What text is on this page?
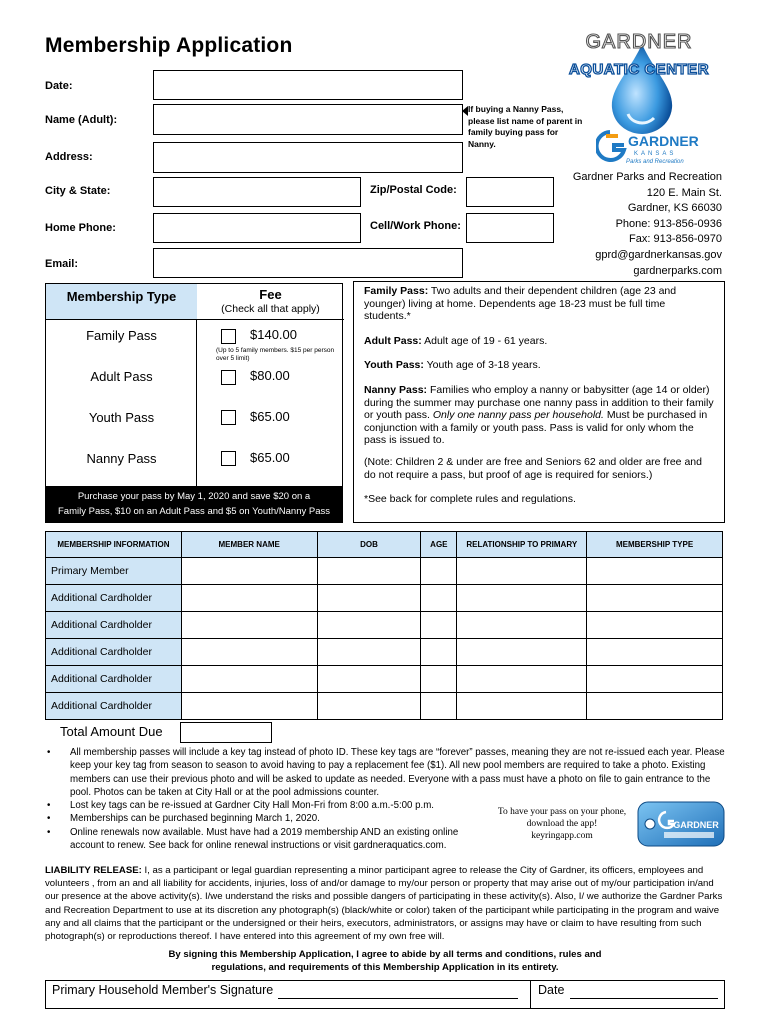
Membership Application	GARDNER
AQUATIC CENTER
GARDNER
KANSAS
Parks and Recreation
Date:
Name (Adult):
If buying a Nanny Pass, please list name of parent in family buying pass for Nanny.
Address:
City & State:	Zip/Postal Code:
Home Phone:	Cell/Work Phone:
Email:
Gardner Parks and Recreation
120 E. Main St.
Gardner, KS 66030
Phone: 913-856-0936
Fax: 913-856-0970
gprd@gardnerkansas.gov
gardnerparks.com
Membership Type	Fee
(Check all that apply)
Family Pass	$140.00
(Up to 5 family members. $15 per person over 5 limit)
Adult Pass	$80.00
Youth Pass	$65.00
Nanny Pass	$65.00
Purchase your pass by May 1, 2020 and save $20 on a
Family Pass, $10 on an Adult Pass and $5 on Youth/Nanny Pass

Family Pass: Two adults and their dependent children (age 23 and younger) living at home. Dependents age 18-23 must be full time students.*

Adult Pass: Adult age of 19 - 61 years.

Youth Pass: Youth age of 3-18 years.

Nanny Pass: Families who employ a nanny or babysitter (age 14 or older) during the summer may purchase one nanny pass in addition to their family or youth pass. Only one nanny pass per household. Must be purchased in conjunction with a family or youth pass. Pass is valid for only whom the pass is issued to.

(Note: Children 2 & under are free and Seniors 62 and older are free and do not require a pass, but proof of age is required for seniors.)

*See back for complete rules and regulations.

MEMBERSHIP INFORMATION	MEMBER NAME	DOB	AGE	RELATIONSHIP TO PRIMARY	MEMBERSHIP TYPE
Primary Member					
Additional Cardholder					
Additional Cardholder					
Additional Cardholder					
Additional Cardholder					
Additional Cardholder					
Total Amount Due
• All membership passes will include a key tag instead of photo ID. These key tags are “forever” passes, meaning they are not re-issued each year. Please keep your key tag from season to season to avoid having to pay a replacement fee ($1). All new pool members are required to take a photo. Existing members can use their previous photo and will be asked to update as needed. Everyone with a pass must have a photo on file to gain entrance to the pool. Photos can be taken at City Hall or at the pool admissions counter.
• Lost key tags can be re-issued at Gardner City Hall Mon-Fri from 8:00 a.m.-5:00 p.m.
• Memberships can be purchased beginning March 1, 2020.
• Online renewals now available. Must have had a 2019 membership AND an existing online account to renew. See back for online renewal instructions or visit gardneraquatics.com.
To have your pass on your phone,
download the app!
keyringapp.com
GARDNER
LIABILITY RELEASE: I, as a participant or legal guardian representing a minor participant agree to release the City of Gardner, its officers, employees and volunteers , from an and all liability for accidents, injuries, loss of and/or damage to my/our person or property that may arise out of my/our participation in/and our presence at the above activity(s). I/we understand the risks and possible dangers of participating in these activity(s). Also, I/ we authorize the Gardner Parks and Recreation Department to use at its discretion any photograph(s) (black/white or color) taken of the participant while participating in the program and waive any and all claims that the participant or the undersigned or their heirs, executors, administrators, or assigns may have or claim to have resulting from such photograph(s) or reproductions thereof. I have entered into this agreement of my own free will.
By signing this Membership Application, I agree to abide by all terms and conditions, rules and
regulations, and requirements of this Membership Application in its entirety.
Primary Household Member's Signature	Date
